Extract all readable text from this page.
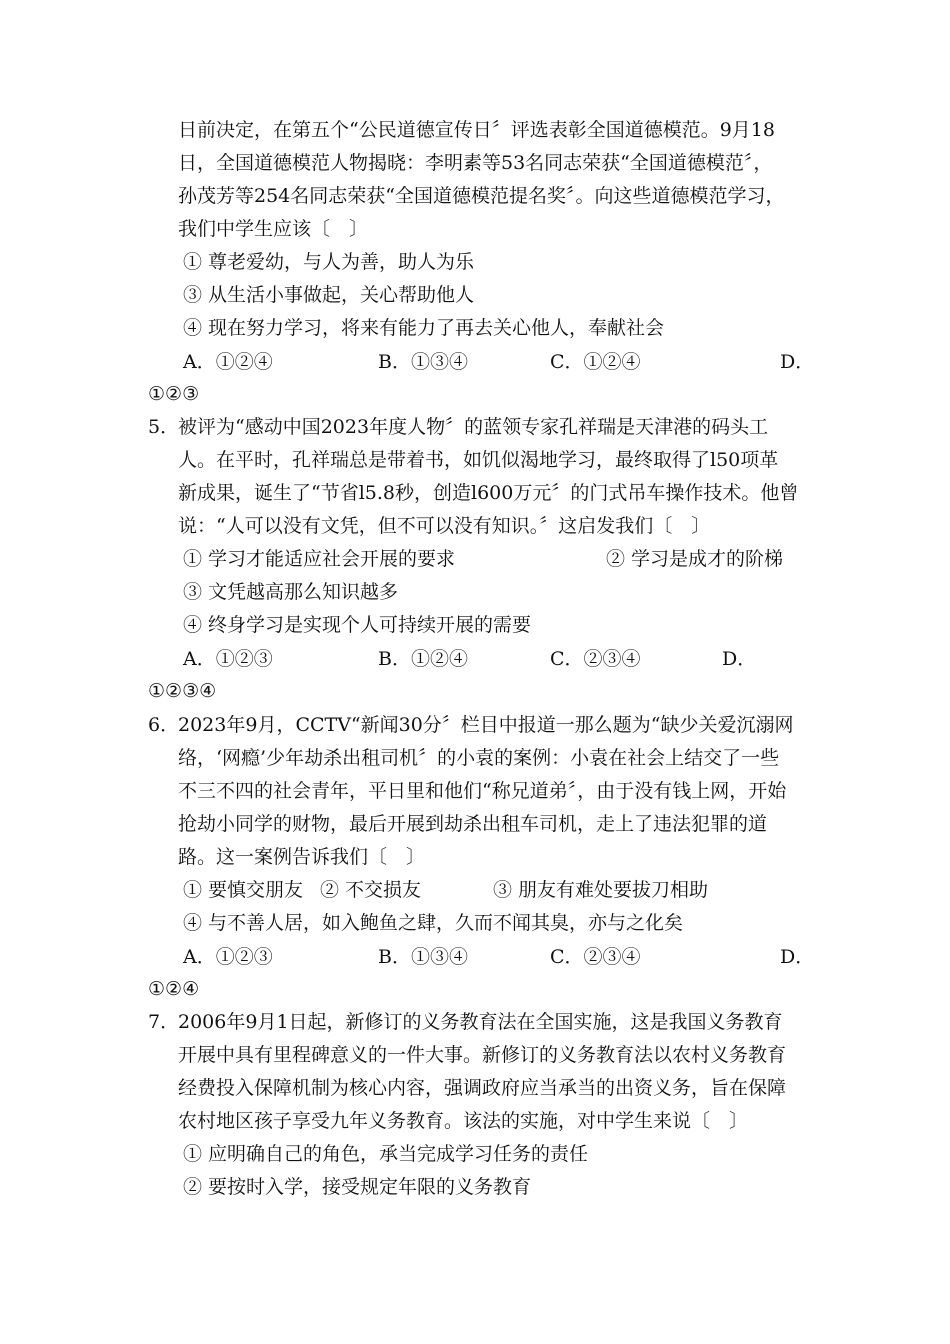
日前决定，在第五个“公民道德宣传日〞评选表彰全国道德模范。9月18
日，全国道德模范人物揭晓：李明素等53名同志荣获“全国道德模范〞，
孙茂芳等254名同志荣获“全国道德模范提名奖〞。向这些道德模范学习，
我们中学生应该〔　〕
① 尊老爱幼，与人为善，助人为乐
③ 从生活小事做起，关心帮助他人
④ 现在努力学习，将来有能力了再去关心他人，奉献社会
A．①②④	B．①③④	C．①②④	D．
①②③
5．
被评为“感动中国2023年度人物〞的蓝领专家孔祥瑞是天津港的码头工
人。在平时，孔祥瑞总是带着书，如饥似渴地学习，最终取得了l50项革
新成果，诞生了“节省l5.8秒，创造l600万元〞的门式吊车操作技术。他曾
说：“人可以没有文凭，但不可以没有知识。〞这启发我们〔　〕
① 学习才能适应社会开展的要求	② 学习是成才的阶梯
③ 文凭越高那么知识越多
④ 终身学习是实现个人可持续开展的需要
A．①②③	B．①②④	C．②③④	D．
①②③④
6．
2023年9月，CCTV“新闻30分〞栏目中报道一那么题为“缺少关爱沉溺网
络，‘网瘾’少年劫杀出租司机〞的小袁的案例：小袁在社会上结交了一些
不三不四的社会青年，平日里和他们“称兄道弟〞，由于没有钱上网，开始
抢劫小同学的财物，最后开展到劫杀出租车司机，走上了违法犯罪的道
路。这一案例告诉我们〔　〕
① 要慎交朋友 ② 不交损友	③ 朋友有难处要拔刀相助
④ 与不善人居，如入鲍鱼之肆，久而不闻其臭，亦与之化矣
A．①②③	B．①③④	C．②③④	D．
①②④
7．
2006年9月1日起，新修订的义务教育法在全国实施，这是我国义务教育
开展中具有里程碑意义的一件大事。新修订的义务教育法以农村义务教育
经费投入保障机制为核心内容，强调政府应当承当的出资义务，旨在保障
农村地区孩子享受九年义务教育。该法的实施，对中学生来说〔　〕
① 应明确自己的角色，承当完成学习任务的责任
② 要按时入学，接受规定年限的义务教育
